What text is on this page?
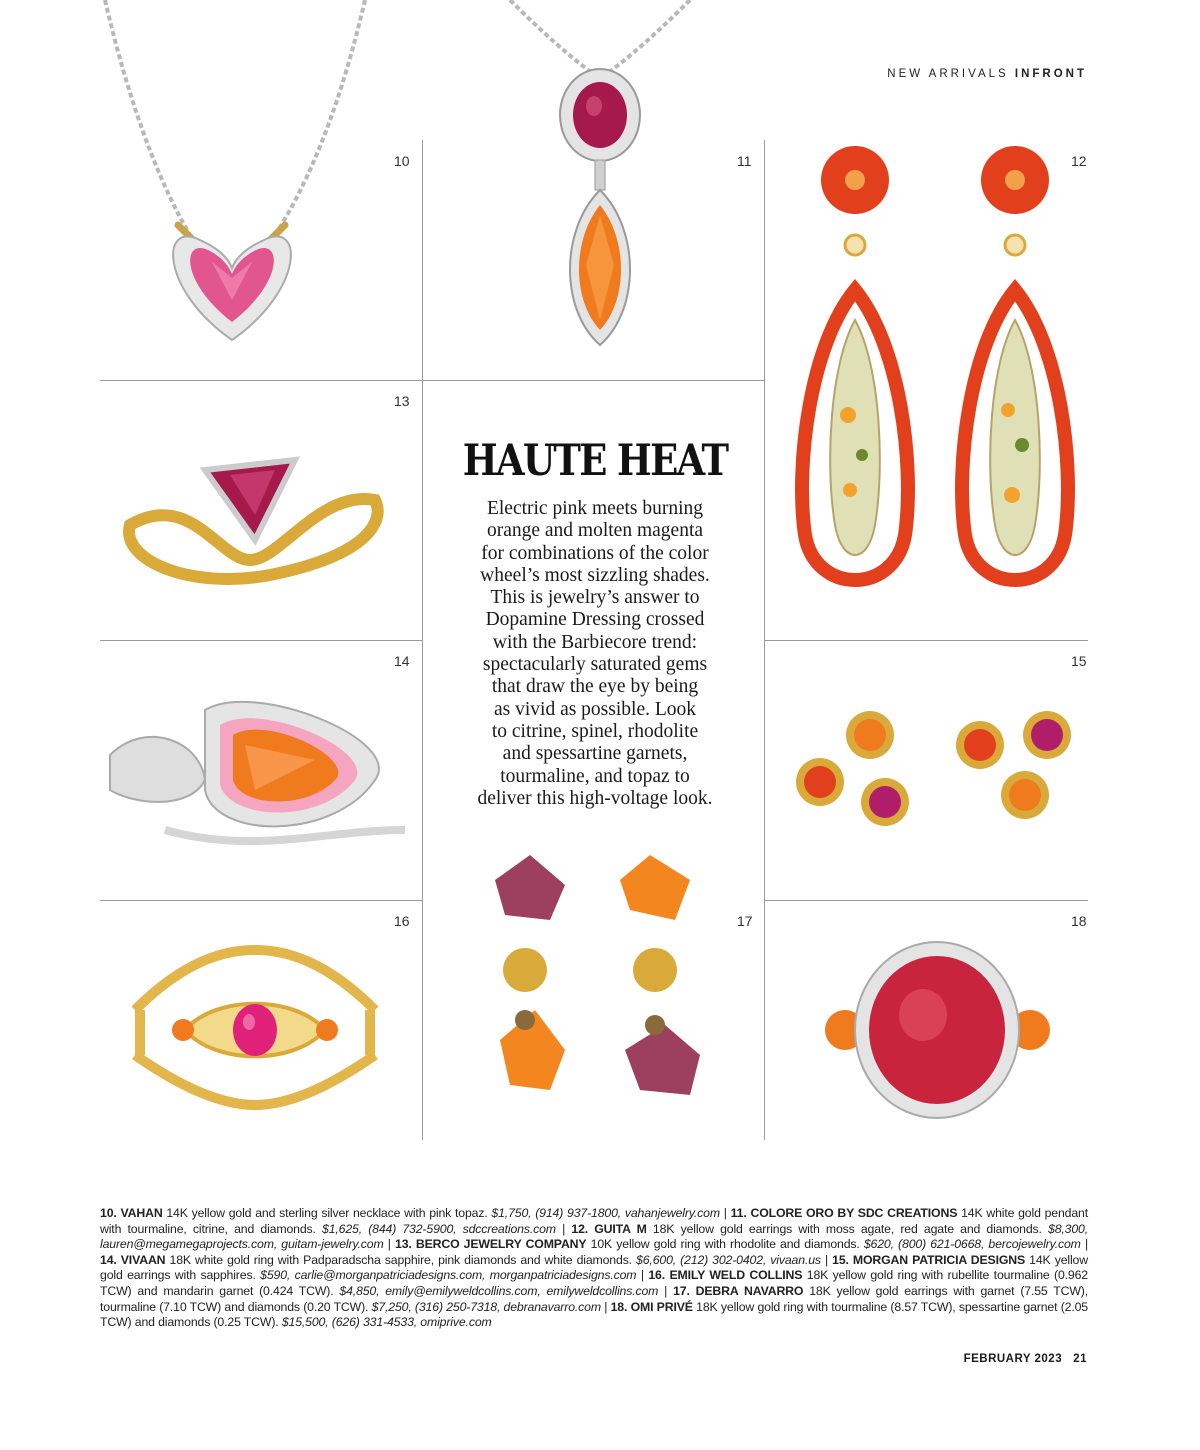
NEW ARRIVALS INFRONT
10	11	12
13
14	15
16	17	18
HAUTE HEAT
Electric pink meets burning
orange and molten magenta
for combinations of the color
wheel’s most sizzling shades.
This is jewelry’s answer to
Dopamine Dressing crossed
with the Barbiecore trend:
spectacularly saturated gems
that draw the eye by being
as vivid as possible. Look
to citrine, spinel, rhodolite
and spessartine garnets,
tourmaline, and topaz to
deliver this high-voltage look.
10. VAHAN 14K yellow gold and sterling silver necklace with pink topaz. $1,750, (914) 937-1800, vahanjewelry.com | 11. COLORE ORO BY SDC CREATIONS 14K white gold pendant with tourmaline, citrine, and diamonds. $1,625, (844) 732-5900, sdccreations.com | 12. GUITA M 18K yellow gold earrings with moss agate, red agate and diamonds. $8,300, lauren@megamegaprojects.com, guitam-jewelry.com | 13. BERCO JEWELRY COMPANY 10K yellow gold ring with rhodolite and diamonds. $620, (800) 621-0668, bercojewelry.com | 14. VIVAAN 18K white gold ring with Padparadscha sapphire, pink diamonds and white diamonds. $6,600, (212) 302-0402, vivaan.us | 15. MORGAN PATRICIA DESIGNS 14K yellow gold earrings with sapphires. $590, carlie@morganpatriciadesigns.com, morganpatriciadesigns.com | 16. EMILY WELD COLLINS 18K yellow gold ring with rubellite tourmaline (0.962 TCW) and mandarin garnet (0.424 TCW). $4,850, emily@emilyweldcollins.com, emilyweldcollins.com | 17. DEBRA NAVARRO 18K yellow gold earrings with garnet (7.55 TCW), tourmaline (7.10 TCW) and diamonds (0.20 TCW). $7,250, (316) 250-7318, debranavarro.com | 18. OMI PRIVÉ 18K yellow gold ring with tourmaline (8.57 TCW), spessartine garnet (2.05 TCW) and diamonds (0.25 TCW). $15,500, (626) 331-4533, omiprive.com
FEBRUARY 2023 21
